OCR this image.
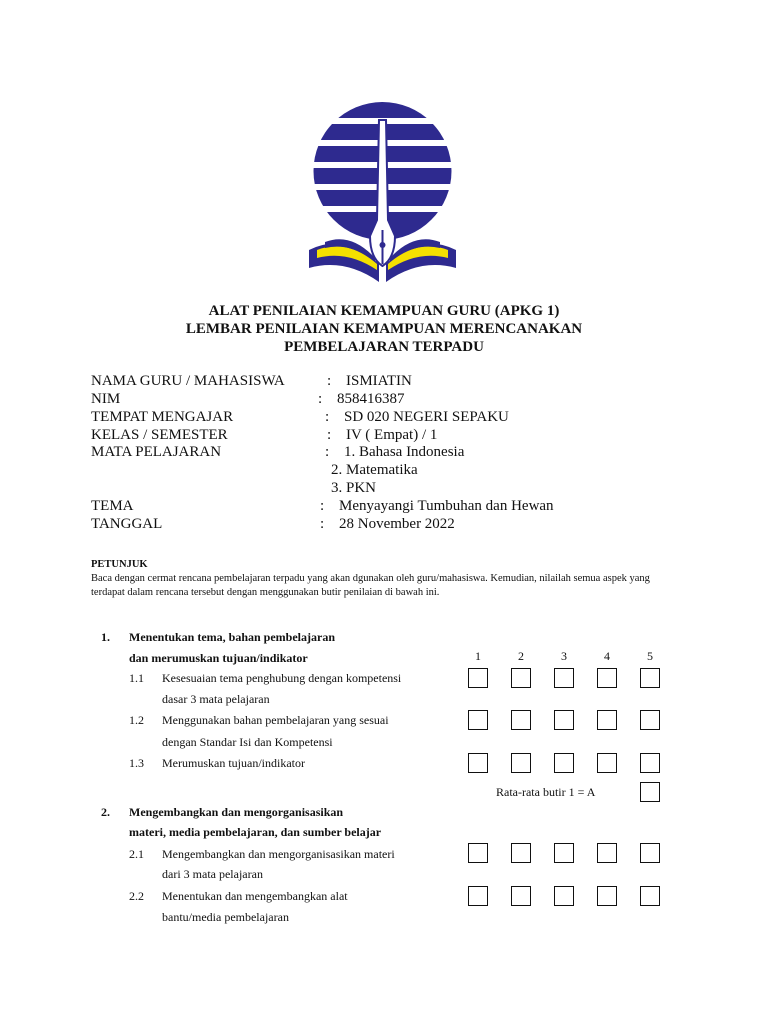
ALAT PENILAIAN KEMAMPUAN GURU (APKG 1)
LEMBAR PENILAIAN KEMAMPUAN MERENCANAKAN
PEMBELAJARAN TERPADU
NAMA GURU / MAHASISWA	: ISMIATIN
NIM	: 858416387
TEMPAT MENGAJAR	: SD 020 NEGERI SEPAKU
KELAS / SEMESTER	: IV ( Empat) / 1
MATA PELAJARAN	: 1. Bahasa Indonesia
2. Matematika
3. PKN
TEMA	: Menyayangi Tumbuhan dan Hewan
TANGGAL	: 28 November 2022
PETUNJUK
Baca dengan cermat rencana pembelajaran terpadu yang akan dgunakan oleh guru/mahasiswa. Kemudian, nilailah semua aspek yang terdapat dalam rencana tersebut dengan menggunakan butir penilaian di bawah ini.
1. Menentukan tema, bahan pembelajaran
dan merumuskan tujuan/indikator	1	2	3	4	5
1.1 Kesesuaian tema penghubung dengan kompetensi
dasar 3 mata pelajaran
1.2 Menggunakan bahan pembelajaran yang sesuai
dengan Standar Isi dan Kompetensi
1.3 Merumuskan tujuan/indikator
Rata-rata butir 1 = A
2. Mengembangkan dan mengorganisasikan
materi, media pembelajaran, dan sumber belajar
2.1 Mengembangkan dan mengorganisasikan materi
dari 3 mata pelajaran
2.2 Menentukan dan mengembangkan alat
bantu/media pembelajaran
